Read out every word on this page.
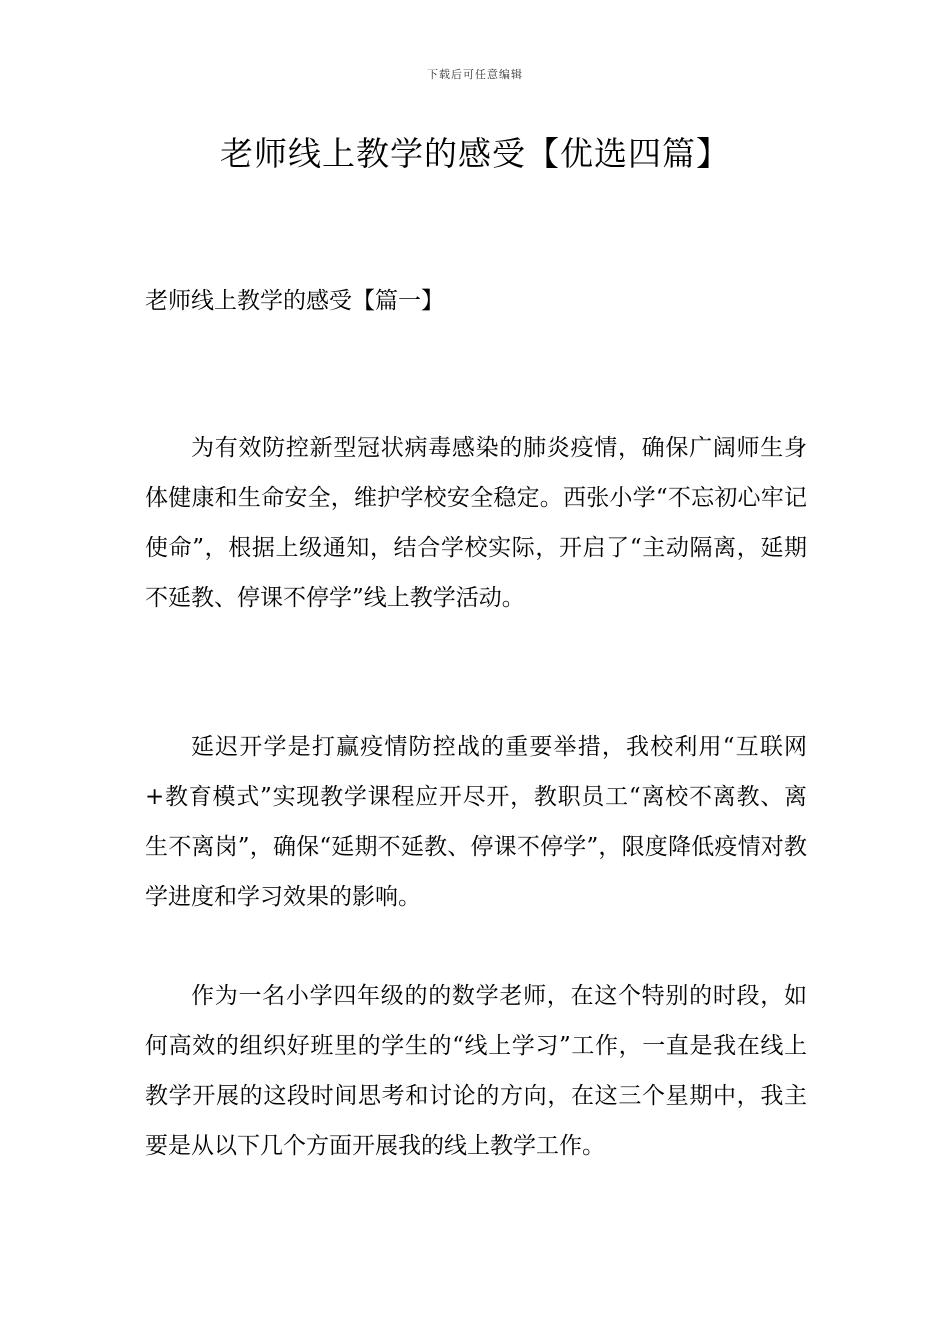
下载后可任意编辑
老师线上教学的感受【优选四篇】
老师线上教学的感受【篇一】

为有效防控新型冠状病毒感染的肺炎疫情，确保广阔师生身体健康和生命安全，维护学校安全稳定。西张小学“不忘初心牢记使命”，根据上级通知，结合学校实际，开启了“主动隔离，延期不延教、停课不停学”线上教学活动。

延迟开学是打赢疫情防控战的重要举措，我校利用“互联网+教育模式”实现教学课程应开尽开，教职员工“离校不离教、离生不离岗”，确保“延期不延教、停课不停学”，限度降低疫情对教学进度和学习效果的影响。

作为一名小学四年级的的数学老师，在这个特别的时段，如何高效的组织好班里的学生的“线上学习”工作，一直是我在线上教学开展的这段时间思考和讨论的方向，在这三个星期中，我主要是从以下几个方面开展我的线上教学工作。
